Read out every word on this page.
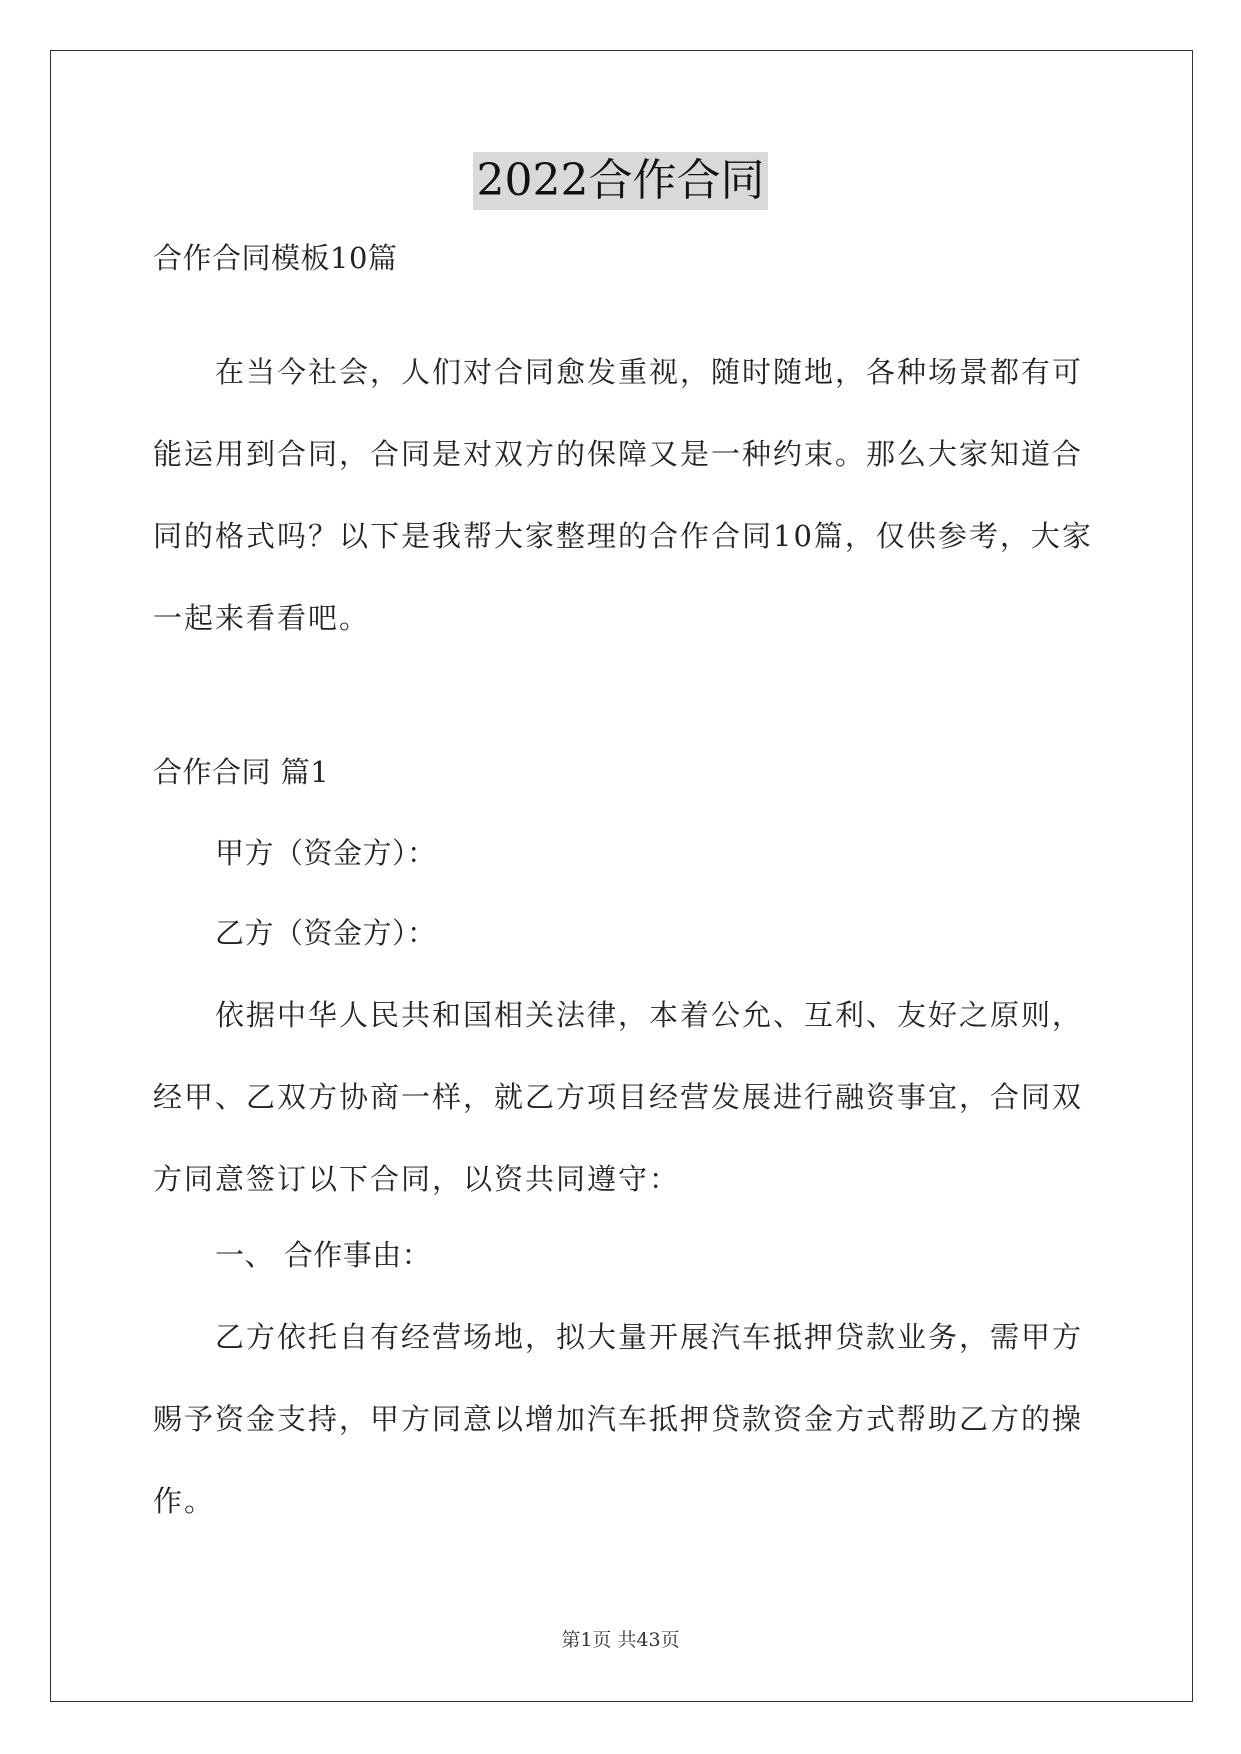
2022合作合同
合作合同模板10篇
在当今社会，人们对合同愈发重视，随时随地，各种场景都有可能运用到合同，合同是对双方的保障又是一种约束。那么大家知道合同的格式吗？以下是我帮大家整理的合作合同10篇，仅供参考，大家一起来看看吧。
合作合同 篇1
甲方（资金方）：
乙方（资金方）：
依据中华人民共和国相关法律，本着公允、互利、友好之原则，经甲、乙双方协商一样，就乙方项目经营发展进行融资事宜，合同双方同意签订以下合同，以资共同遵守：
一、 合作事由：
乙方依托自有经营场地，拟大量开展汽车抵押贷款业务，需甲方赐予资金支持，甲方同意以增加汽车抵押贷款资金方式帮助乙方的操作。
第1页 共43页
